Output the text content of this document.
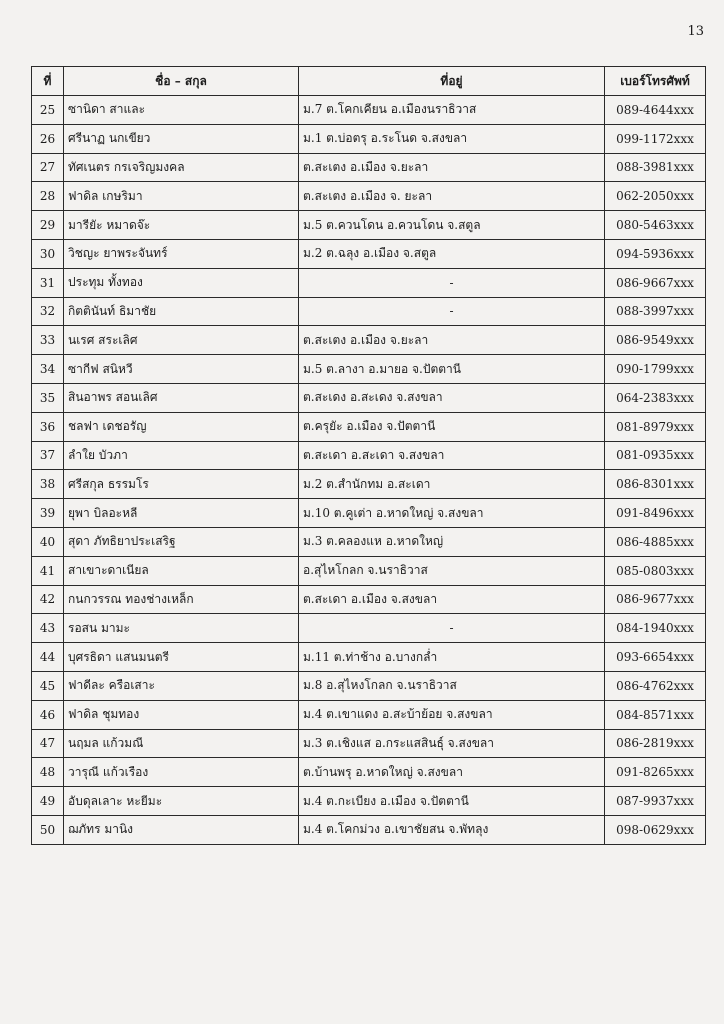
13
ที่	ชื่อ – สกุล	ที่อยู่	เบอร์โทรศัพท์
25	ซานิดา สาและ	ม.7 ต.โคกเคียน อ.เมืองนราธิวาส	089-4644xxx
26	ศรีนาฏ นกเขียว	ม.1 ต.บ่อตรุ อ.ระโนด จ.สงขลา	099-1172xxx
27	ทัศเนตร กรเจริญมงคล	ต.สะเตง อ.เมือง จ.ยะลา	088-3981xxx
28	ฟาดิล เกษริมา	ต.สะเตง อ.เมือง จ. ยะลา	062-2050xxx
29	มารียัะ หมาดจ๊ะ	ม.5 ต.ควนโดน อ.ควนโดน จ.สตูล	080-5463xxx
30	วิชญะ ยาพระจันทร์	ม.2 ต.ฉลุง อ.เมือง จ.สตูล	094-5936xxx
31	ประทุม ทั้งทอง	-	086-9667xxx
32	กิตตินันท์ ธิมาชัย	-	088-3997xxx
33	นเรศ สระเลิศ	ต.สะเตง อ.เมือง จ.ยะลา	086-9549xxx
34	ซากีฟ สนิหวี	ม.5 ต.ลางา อ.มายอ จ.ปัตตานี	090-1799xxx
35	สินอาพร สอนเลิศ	ต.สะเดง อ.สะเดง จ.สงขลา	064-2383xxx
36	ชลฟา เดชอรัญ	ต.ครุยัะ อ.เมือง จ.ปัตตานี	081-8979xxx
37	ลำใย บัวภา	ต.สะเดา อ.สะเดา จ.สงขลา	081-0935xxx
38	ศรีสกุล ธรรมโร	ม.2 ต.สำนักทม อ.สะเดา	086-8301xxx
39	ยุพา บิลอะหลี	ม.10 ต.คูเต่า อ.หาดใหญ่ จ.สงขลา	091-8496xxx
40	สุดา ภัทธิยาประเสริฐ	ม.3 ต.คลองแห อ.หาดใหญ่	086-4885xxx
41	สาเขาะดาเนียล	อ.สุไหโกลก จ.นราธิวาส	085-0803xxx
42	กนกวรรณ ทองช่างเหล็ก	ต.สะเดา อ.เมือง จ.สงขลา	086-9677xxx
43	รอสน มามะ	-	084-1940xxx
44	บุศรธิดา แสนมนตรี	ม.11 ต.ท่าช้าง อ.บางกล่ำ	093-6654xxx
45	ฟาดีละ ครือเสาะ	ม.8 อ.สุไหงโกลก จ.นราธิวาส	086-4762xxx
46	ฟาดิล ชุมทอง	ม.4 ต.เขาแดง อ.สะบ้าย้อย จ.สงขลา	084-8571xxx
47	นฤมล แก้วมณี	ม.3 ต.เชิงแส อ.กระแสสินธุ์ จ.สงขลา	086-2819xxx
48	วารุณี แก้วเรือง	ต.บ้านพรุ อ.หาดใหญ่ จ.สงขลา	091-8265xxx
49	อับดุลเลาะ หะยีมะ	ม.4 ต.กะเบียง อ.เมือง จ.ปัตตานี	087-9937xxx
50	ฌภัทร มานิง	ม.4 ต.โคกม่วง อ.เขาชัยสน จ.พัทลุง	098-0629xxx
